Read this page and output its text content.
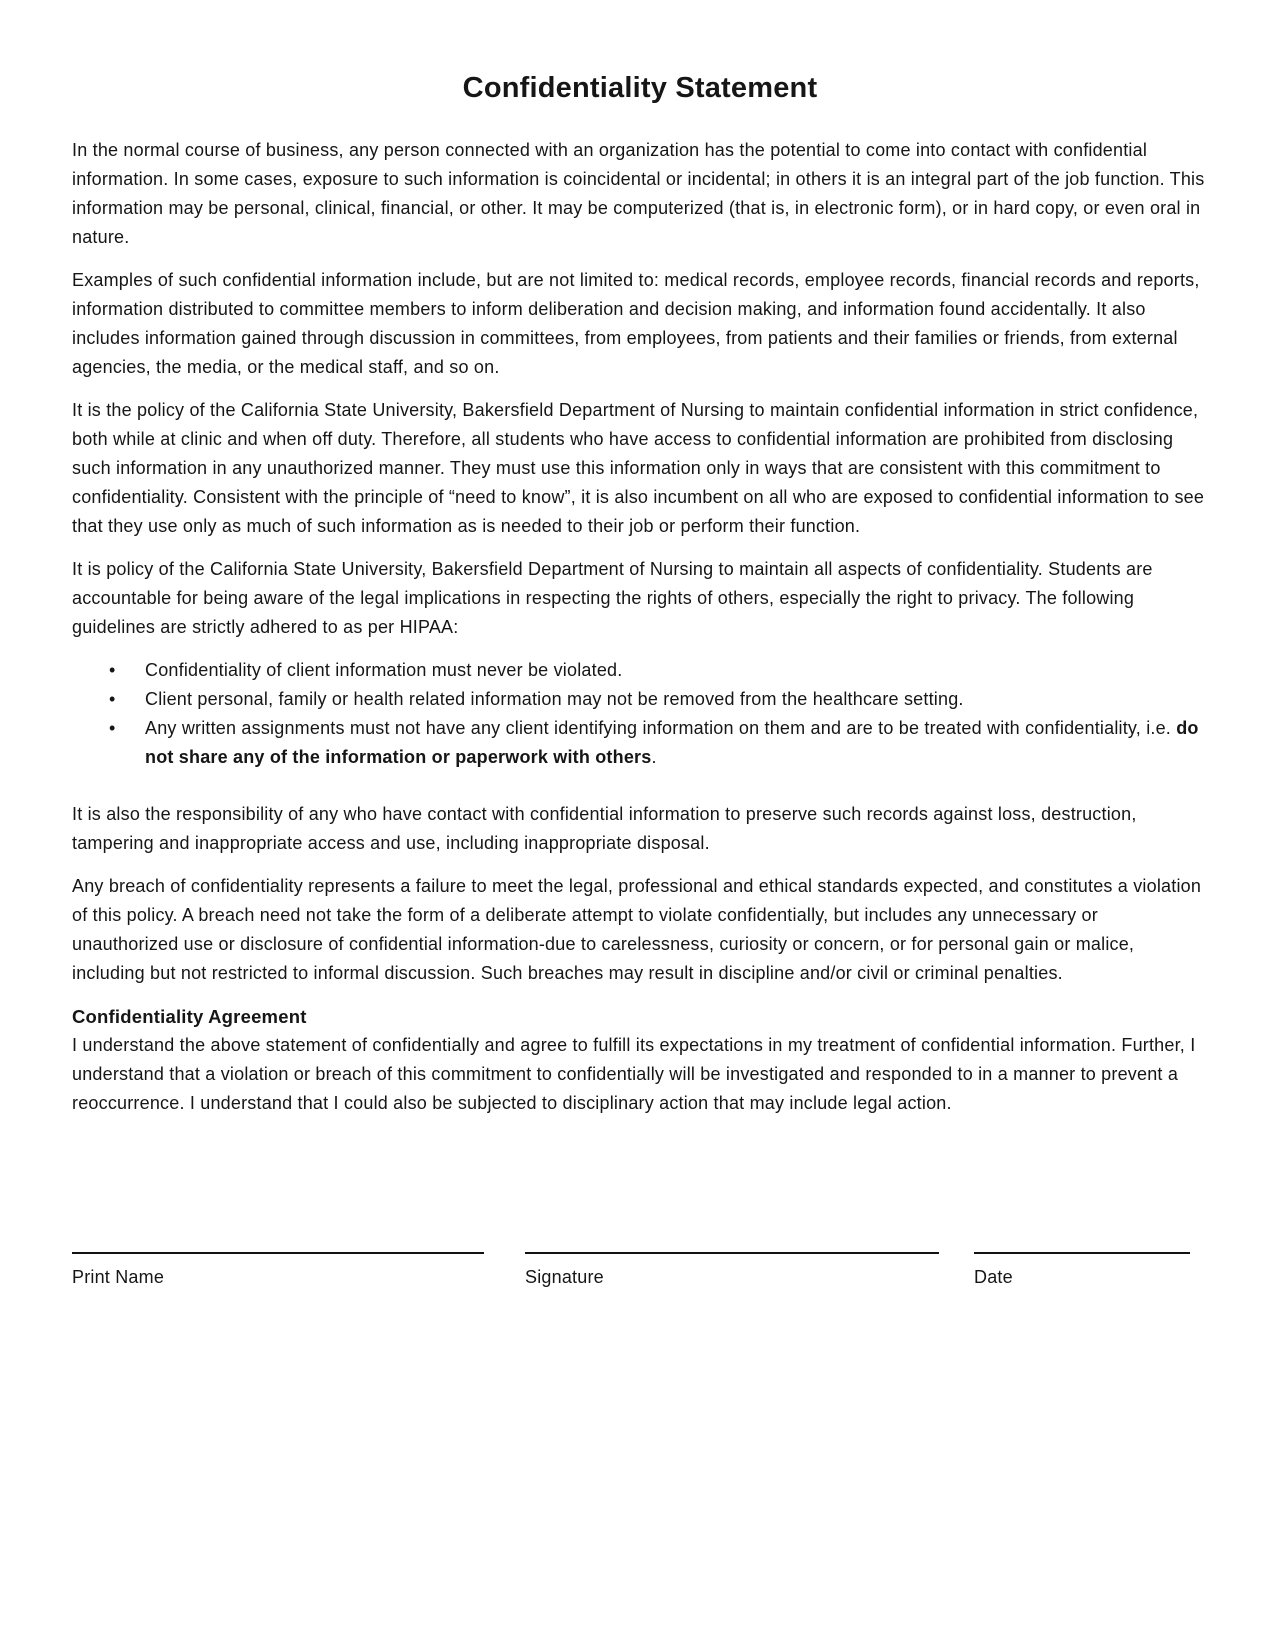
Confidentiality Statement

In the normal course of business, any person connected with an organization has the potential to come into contact with confidential information. In some cases, exposure to such information is coincidental or incidental; in others it is an integral part of the job function. This information may be personal, clinical, financial, or other. It may be computerized (that is, in electronic form), or in hard copy, or even oral in nature.

Examples of such confidential information include, but are not limited to: medical records, employee records, financial records and reports, information distributed to committee members to inform deliberation and decision making, and information found accidentally. It also includes information gained through discussion in committees, from employees, from patients and their families or friends, from external agencies, the media, or the medical staff, and so on.

It is the policy of the California State University, Bakersfield Department of Nursing to maintain confidential information in strict confidence, both while at clinic and when off duty. Therefore, all students who have access to confidential information are prohibited from disclosing such information in any unauthorized manner. They must use this information only in ways that are consistent with this commitment to confidentiality. Consistent with the principle of “need to know”, it is also incumbent on all who are exposed to confidential information to see that they use only as much of such information as is needed to their job or perform their function.

It is policy of the California State University, Bakersfield Department of Nursing to maintain all aspects of confidentiality. Students are accountable for being aware of the legal implications in respecting the rights of others, especially the right to privacy. The following guidelines are strictly adhered to as per HIPAA:

• Confidentiality of client information must never be violated.
• Client personal, family or health related information may not be removed from the healthcare setting.
• Any written assignments must not have any client identifying information on them and are to be treated with confidentiality, i.e. do not share any of the information or paperwork with others.

It is also the responsibility of any who have contact with confidential information to preserve such records against loss, destruction, tampering and inappropriate access and use, including inappropriate disposal.

Any breach of confidentiality represents a failure to meet the legal, professional and ethical standards expected, and constitutes a violation of this policy. A breach need not take the form of a deliberate attempt to violate confidentially, but includes any unnecessary or unauthorized use or disclosure of confidential information-due to carelessness, curiosity or concern, or for personal gain or malice, including but not restricted to informal discussion. Such breaches may result in discipline and/or civil or criminal penalties.

Confidentiality Agreement

I understand the above statement of confidentially and agree to fulfill its expectations in my treatment of confidential information. Further, I understand that a violation or breach of this commitment to confidentially will be investigated and responded to in a manner to prevent a reoccurrence. I understand that I could also be subjected to disciplinary action that may include legal action.

Print Name	Signature	Date
